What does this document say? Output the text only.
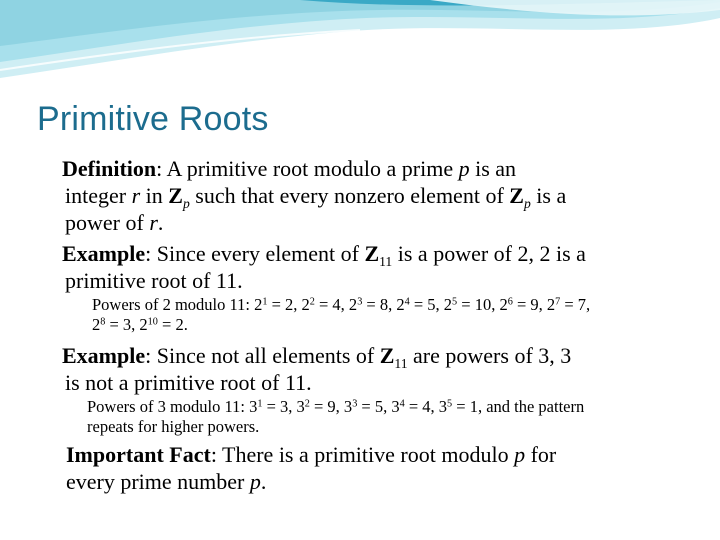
Primitive Roots
Definition: A primitive root modulo a prime p is an
integer r in $Z_p$ such that every nonzero element of $Z_p$ is a
power of r.
Example: Since every element of $Z_{11}$ is a power of 2, 2 is a
primitive root of 11.
Powers of 2 modulo 11: $2^1 = 2$, $2^2 = 4$, $2^3 = 8$, $2^4 = 5$, $2^5 = 10$, $2^6 = 9$, $2^7 = 7$,
$2^8 = 3$, $2^{10} = 2$.
Example: Since not all elements of $Z_{11}$ are powers of 3, 3
is not a primitive root of 11.
Powers of 3 modulo 11: $3^1 = 3$, $3^2 = 9$, $3^3 = 5$, $3^4 = 4$, $3^5 = 1$, and the pattern
repeats for higher powers.
Important Fact: There is a primitive root modulo p for
every prime number p.
